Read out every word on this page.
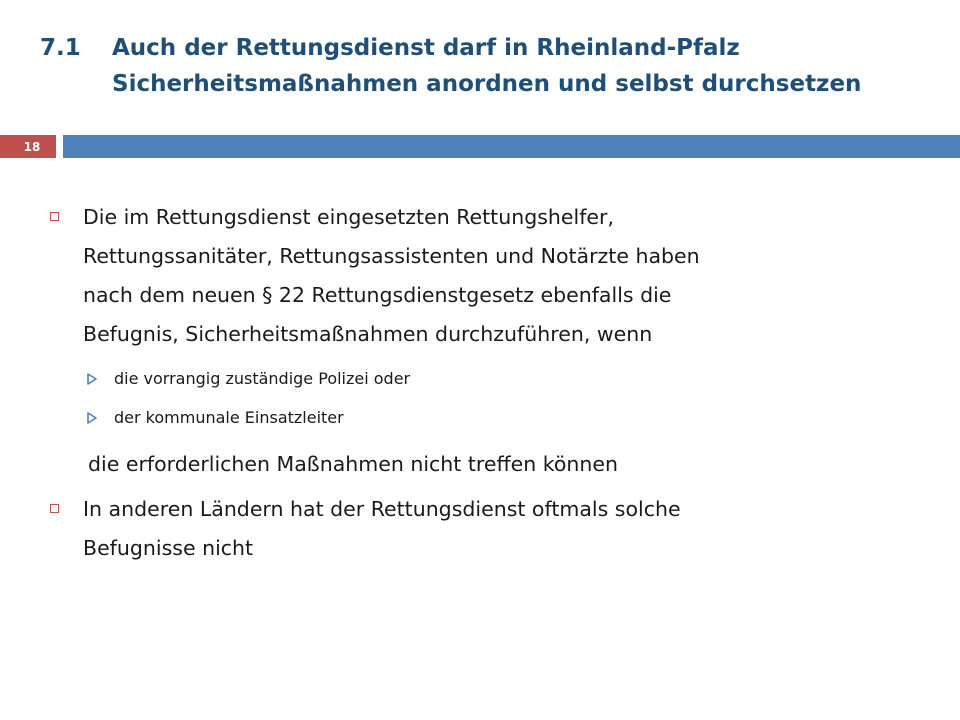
7.1 Auch der Rettungsdienst darf in Rheinland-Pfalz
Sicherheitsmaßnahmen anordnen und selbst durchsetzen
18
Die im Rettungsdienst eingesetzten Rettungshelfer,
Rettungssanitäter, Rettungsassistenten und Notärzte haben
nach dem neuen § 22 Rettungsdienstgesetz ebenfalls die
Befugnis, Sicherheitsmaßnahmen durchzuführen, wenn
die vorrangig zuständige Polizei oder
der kommunale Einsatzleiter
die erforderlichen Maßnahmen nicht treffen können
In anderen Ländern hat der Rettungsdienst oftmals solche
Befugnisse nicht
